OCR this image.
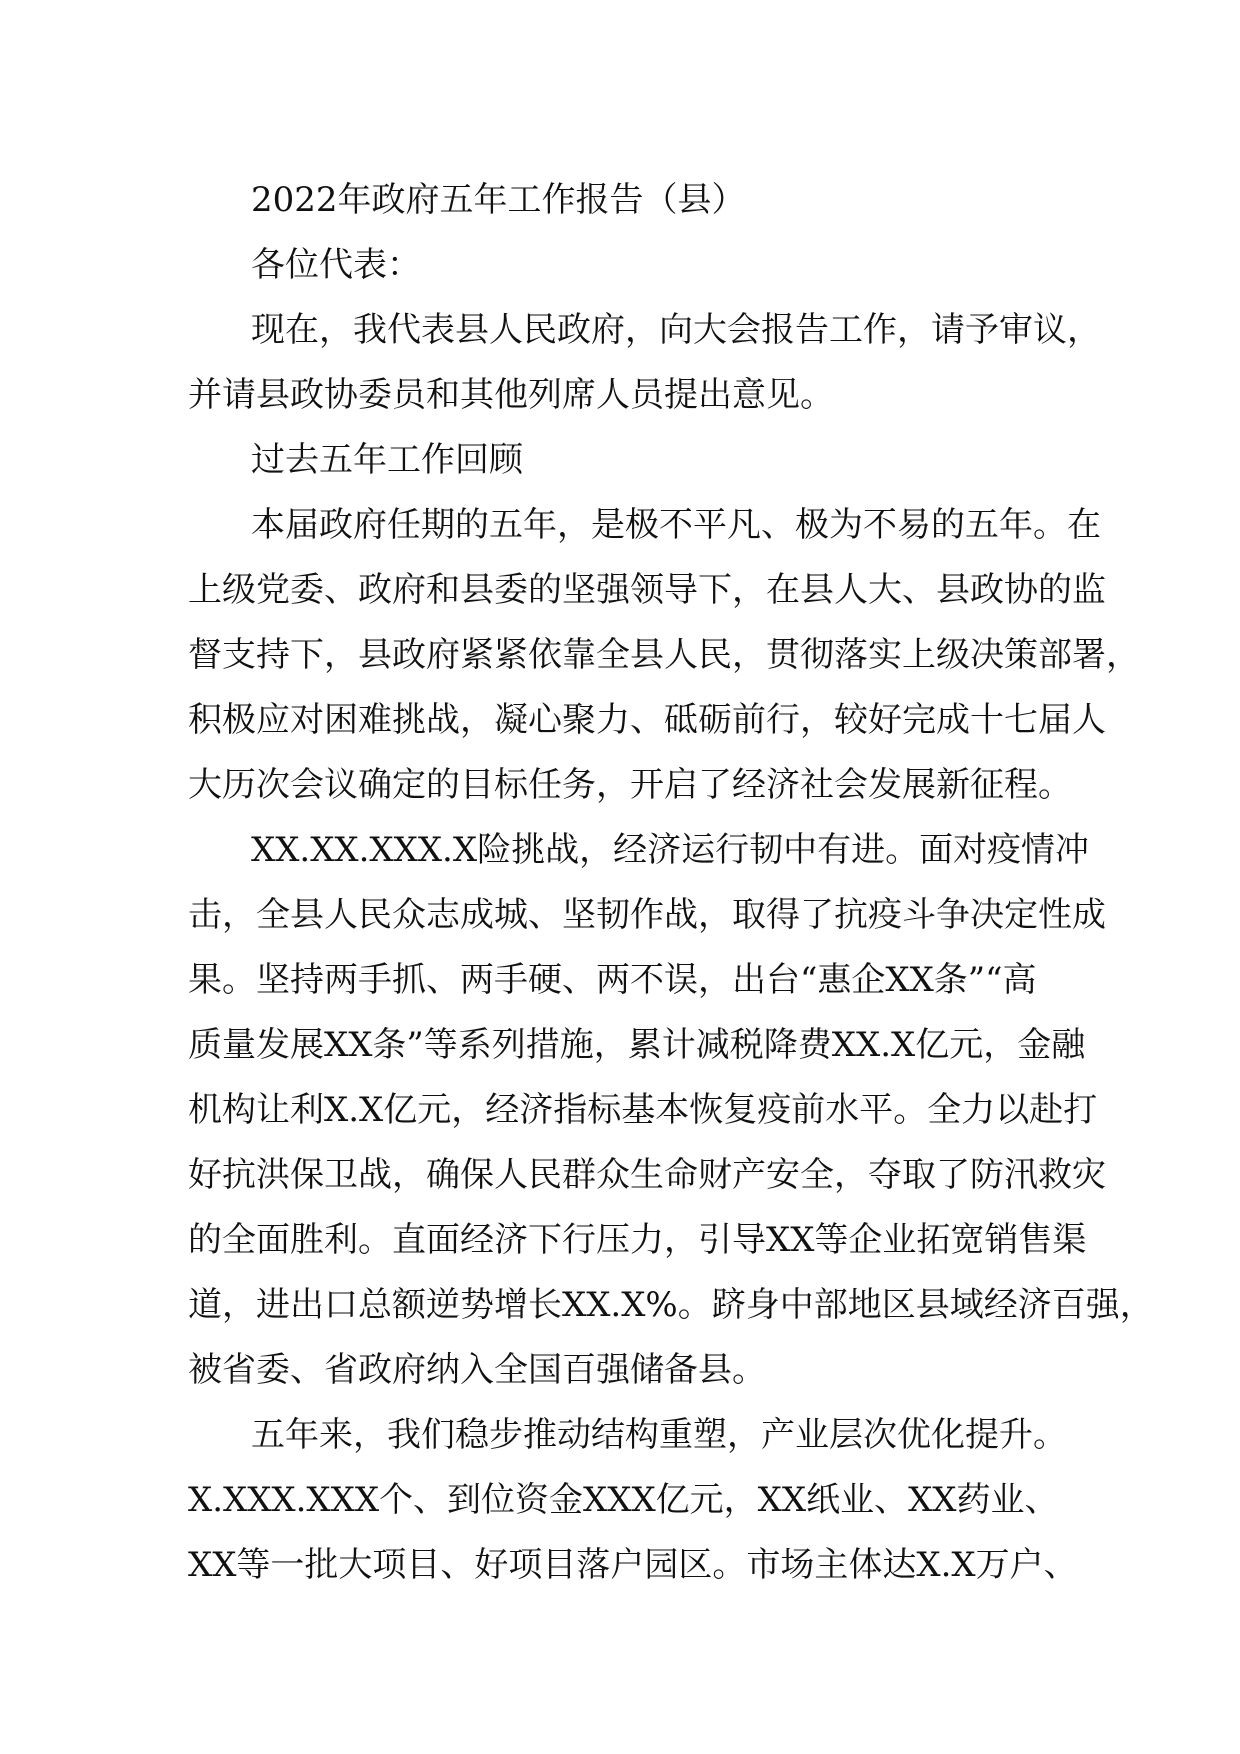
2022年政府五年工作报告（县）
各位代表：
现在，我代表县人民政府，向大会报告工作，请予审议，
并请县政协委员和其他列席人员提出意见。
过去五年工作回顾
本届政府任期的五年，是极不平凡、极为不易的五年。在
上级党委、政府和县委的坚强领导下，在县人大、县政协的监
督支持下，县政府紧紧依靠全县人民，贯彻落实上级决策部署，
积极应对困难挑战，凝心聚力、砥砺前行，较好完成十七届人
大历次会议确定的目标任务，开启了经济社会发展新征程。
XX.XX.XXX.X险挑战，经济运行韧中有进。面对疫情冲
击，全县人民众志成城、坚韧作战，取得了抗疫斗争决定性成
果。坚持两手抓、两手硬、两不误，出台“惠企XX条”“高
质量发展XX条”等系列措施，累计减税降费XX.X亿元，金融
机构让利X.X亿元，经济指标基本恢复疫前水平。全力以赴打
好抗洪保卫战，确保人民群众生命财产安全，夺取了防汛救灾
的全面胜利。直面经济下行压力，引导XX等企业拓宽销售渠
道，进出口总额逆势增长XX.X%。跻身中部地区县域经济百强，
被省委、省政府纳入全国百强储备县。
五年来，我们稳步推动结构重塑，产业层次优化提升。
X.XXX.XXX个、到位资金XXX亿元，XX纸业、XX药业、
XX等一批大项目、好项目落户园区。市场主体达X.X万户、
